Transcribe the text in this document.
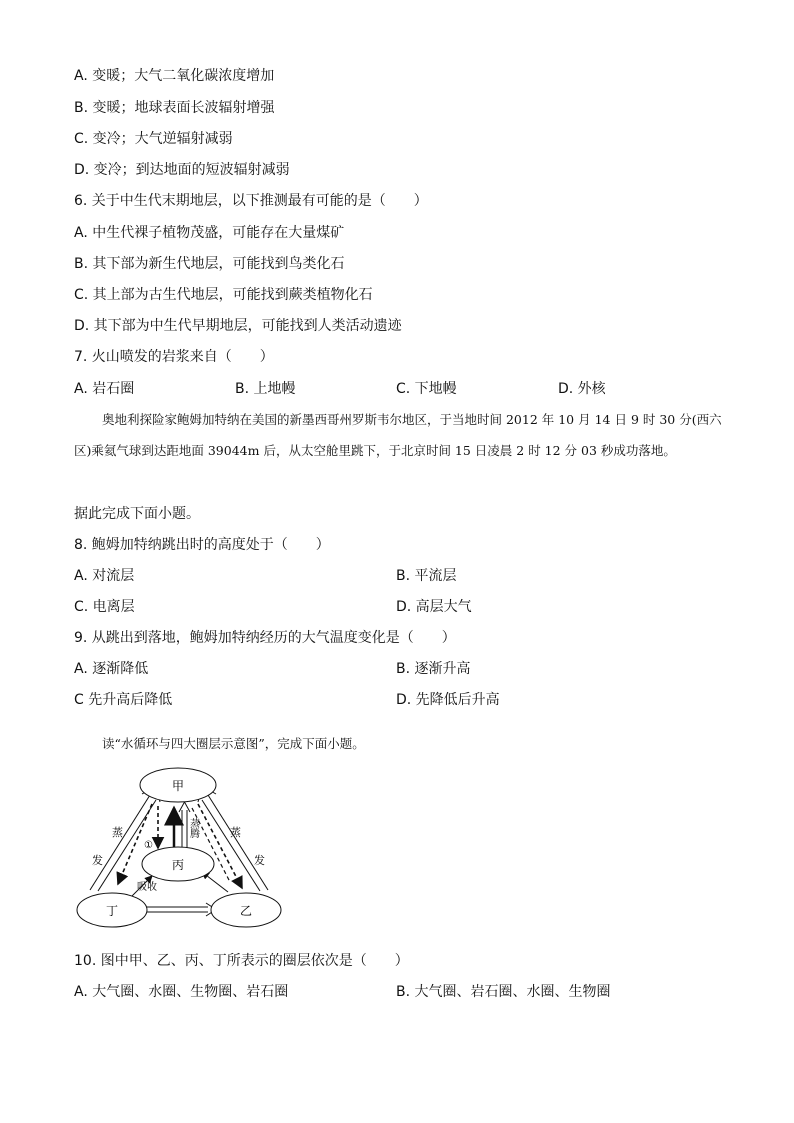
A. 变暖；大气二氧化碳浓度增加
B. 变暖；地球表面长波辐射增强
C. 变冷；大气逆辐射减弱
D. 变冷；到达地面的短波辐射减弱
6. 关于中生代末期地层，以下推测最有可能的是（　　）
A. 中生代裸子植物茂盛，可能存在大量煤矿
B. 其下部为新生代地层，可能找到鸟类化石
C. 其上部为古生代地层，可能找到蕨类植物化石
D. 其下部为中生代早期地层，可能找到人类活动遗迹
7. 火山喷发的岩浆来自（　　）
A. 岩石圈	B. 上地幔	C. 下地幔	D. 外核
奥地利探险家鲍姆加特纳在美国的新墨西哥州罗斯韦尔地区，于当地时间 2012 年 10 月 14 日 9 时 30 分(西六区)乘氦气球到达距地面 39044m 后，从太空舱里跳下，于北京时间 15 日凌晨 2 时 12 分 03 秒成功落地。
据此完成下面小题。
8. 鲍姆加特纳跳出时的高度处于（　　）
A. 对流层	B. 平流层
C. 电离层	D. 高层大气
9. 从跳出到落地，鲍姆加特纳经历的大气温度变化是（　　）
A. 逐渐降低	B. 逐渐升高
C 先升高后降低	D. 先降低后升高
读“水循环与四大圈层示意图”，完成下面小题。
甲
丙
丁	乙
蒸
发
蒸
发
蒸腾
吸收
①
10. 图中甲、乙、丙、丁所表示的圈层依次是（　　）
A. 大气圈、水圈、生物圈、岩石圈	B. 大气圈、岩石圈、水圈、生物圈
